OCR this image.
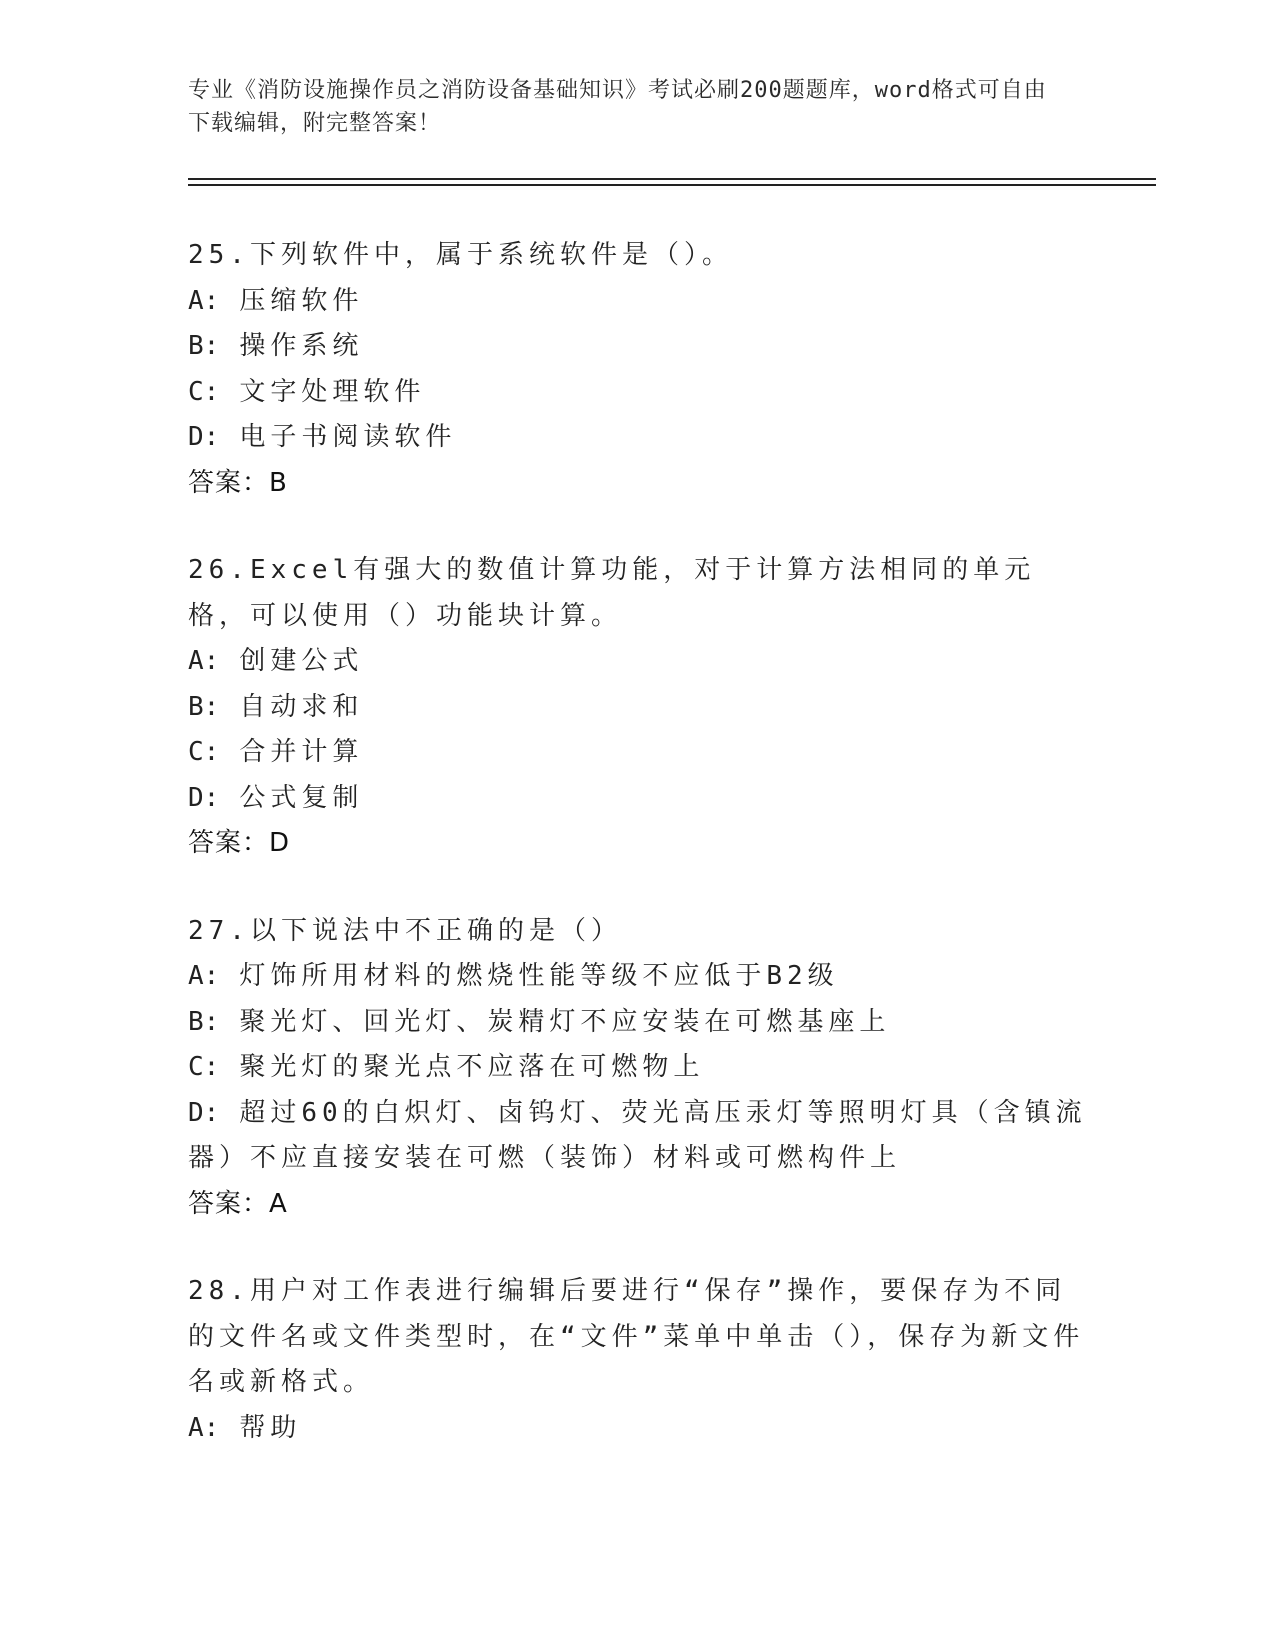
专业《消防设施操作员之消防设备基础知识》考试必刷200题题库，word格式可自由下载编辑，附完整答案！
25.下列软件中，属于系统软件是（）。
A: 压缩软件
B: 操作系统
C: 文字处理软件
D: 电子书阅读软件
答案：B
26.Excel有强大的数值计算功能，对于计算方法相同的单元格，可以使用（）功能块计算。
A: 创建公式
B: 自动求和
C: 合并计算
D: 公式复制
答案：D
27.以下说法中不正确的是（）
A: 灯饰所用材料的燃烧性能等级不应低于B2级
B: 聚光灯、回光灯、炭精灯不应安装在可燃基座上
C: 聚光灯的聚光点不应落在可燃物上
D: 超过60的白炽灯、卤钨灯、荧光高压汞灯等照明灯具（含镇流器）不应直接安装在可燃（装饰）材料或可燃构件上
答案：A
28.用户对工作表进行编辑后要进行“保存”操作，要保存为不同的文件名或文件类型时，在“文件”菜单中单击（），保存为新文件名或新格式。
A: 帮助
